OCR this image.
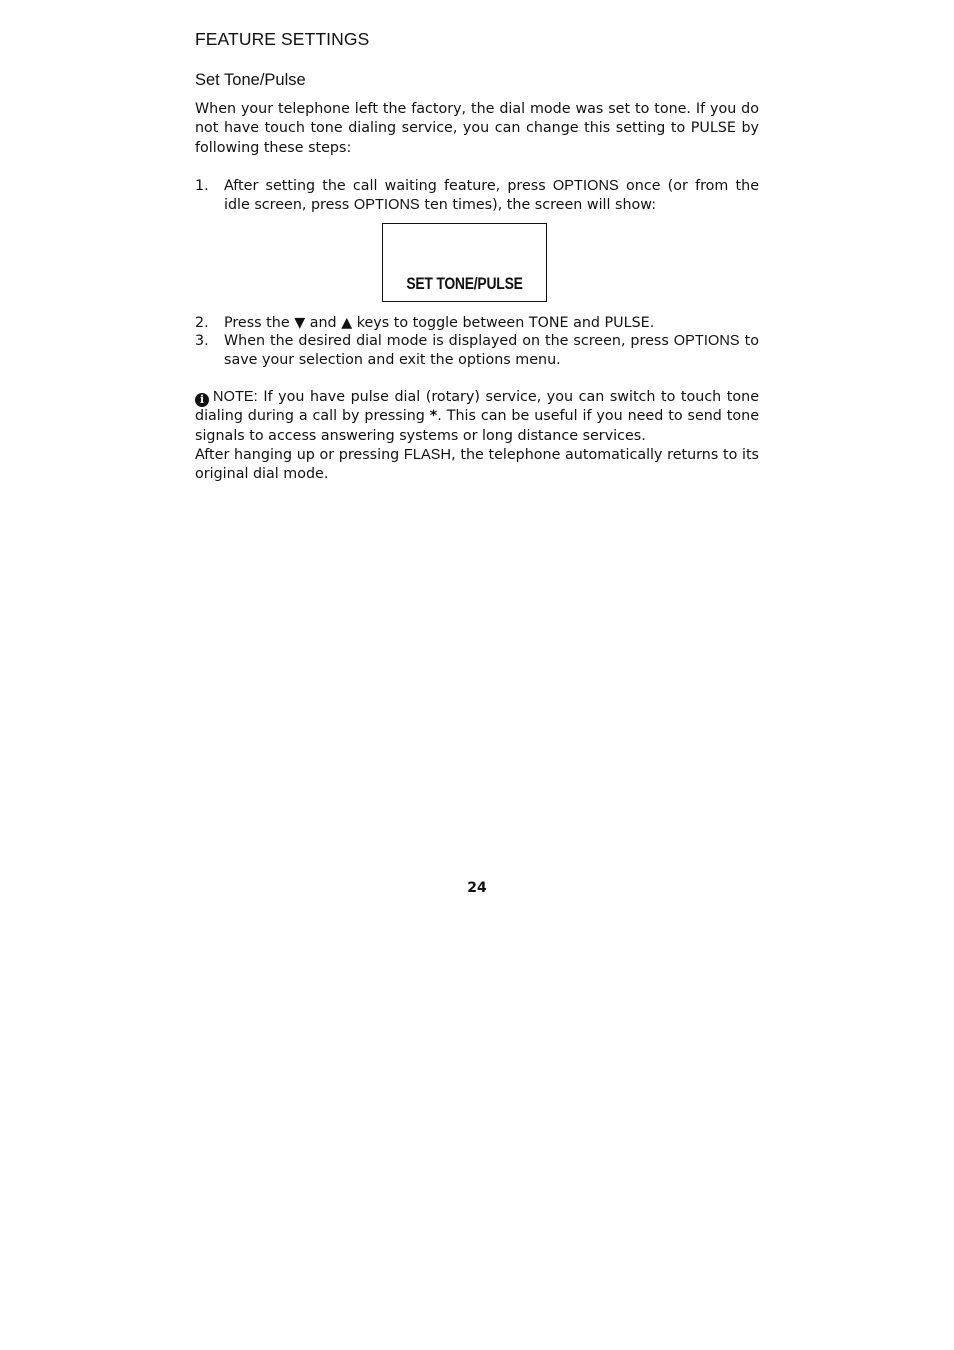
FEATURE SETTINGS
Set Tone/Pulse

When your telephone left the factory, the dial mode was set to tone. If you do not have touch tone dialing service, you can change this setting to PULSE by following these steps:

1. After setting the call waiting feature, press OPTIONS once (or from the idle screen, press OPTIONS ten times), the screen will show:
SET TONE/PULSE
2. Press the ▼ and ▲ keys to toggle between TONE and PULSE.
3. When the desired dial mode is displayed on the screen, press OPTIONS to save your selection and exit the options menu.

i NOTE: If you have pulse dial (rotary) service, you can switch to touch tone dialing during a call by pressing *. This can be useful if you need to send tone signals to access answering systems or long distance services.

After hanging up or pressing FLASH, the telephone automatically returns to its original dial mode.

24
